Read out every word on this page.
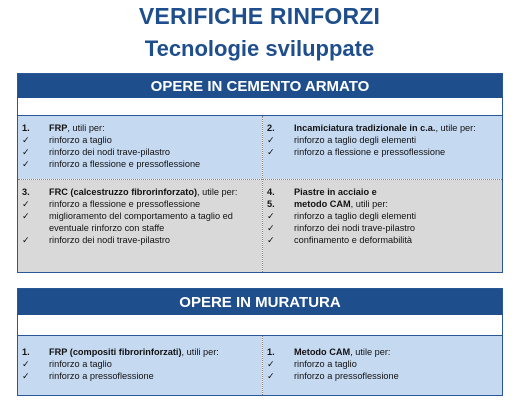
VERIFICHE RINFORZI
Tecnologie sviluppate
OPERE IN CEMENTO ARMATO
1.	FRP, utili per:
✓	rinforzo a taglio
✓	rinforzo dei nodi trave-pilastro
✓	rinforzo a flessione e pressoflessione
2.	Incamiciatura tradizionale in c.a., utile per:
✓	rinforzo a taglio degli elementi
✓	rinforzo a flessione e pressoflessione
3.	FRC (calcestruzzo fibrorinforzato), utile per:
✓	rinforzo a flessione e pressoflessione
✓	miglioramento del comportamento a taglio ed
eventuale rinforzo con staffe
✓	rinforzo dei nodi trave-pilastro
4.	Piastre in acciaio e
5.	metodo CAM, utili per:
✓	rinforzo a taglio degli elementi
✓	rinforzo dei nodi trave-pilastro
✓	confinamento e deformabilità
OPERE IN MURATURA
1.	FRP (compositi fibrorinforzati), utili per:
✓	rinforzo a taglio
✓	rinforzo a pressoflessione
1.	Metodo CAM, utile per:
✓	rinforzo a taglio
✓	rinforzo a pressoflessione
